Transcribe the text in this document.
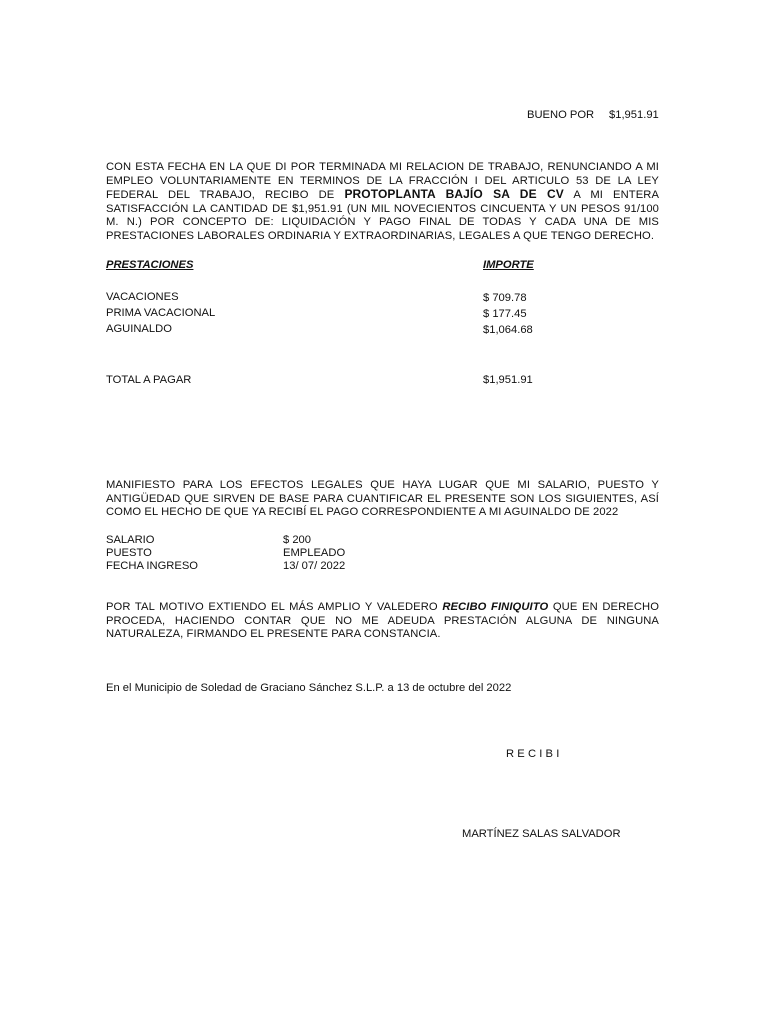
BUENO POR $1,951.91
CON ESTA FECHA EN LA QUE DI POR TERMINADA MI RELACION DE TRABAJO, RENUNCIANDO A MI EMPLEO VOLUNTARIAMENTE EN TERMINOS DE LA FRACCIÓN I DEL ARTICULO 53 DE LA LEY FEDERAL DEL TRABAJO, RECIBO DE PROTOPLANTA BAJÍO SA DE CV A MI ENTERA SATISFACCIÓN LA CANTIDAD DE $1,951.91 (UN MIL NOVECIENTOS CINCUENTA Y UN PESOS 91/100 M. N.) POR CONCEPTO DE: LIQUIDACIÓN Y PAGO FINAL DE TODAS Y CADA UNA DE MIS PRESTACIONES LABORALES ORDINARIA Y EXTRAORDINARIAS, LEGALES A QUE TENGO DERECHO.
PRESTACIONES	IMPORTE
VACACIONES	$ 709.78
PRIMA VACACIONAL	$ 177.45
AGUINALDO	$1,064.68
TOTAL A PAGAR	$1,951.91
MANIFIESTO PARA LOS EFECTOS LEGALES QUE HAYA LUGAR QUE MI SALARIO, PUESTO Y ANTIGÜEDAD QUE SIRVEN DE BASE PARA CUANTIFICAR EL PRESENTE SON LOS SIGUIENTES, ASÍ COMO EL HECHO DE QUE YA RECIBÍ EL PAGO CORRESPONDIENTE A MI AGUINALDO DE 2022
SALARIO	$ 200
PUESTO	EMPLEADO
FECHA INGRESO	13/ 07/ 2022
POR TAL MOTIVO EXTIENDO EL MÁS AMPLIO Y VALEDERO RECIBO FINIQUITO QUE EN DERECHO PROCEDA, HACIENDO CONTAR QUE NO ME ADEUDA PRESTACIÓN ALGUNA DE NINGUNA NATURALEZA, FIRMANDO EL PRESENTE PARA CONSTANCIA.
En el Municipio de Soledad de Graciano Sánchez S.L.P. a 13 de octubre del 2022
RECIBI
MARTÍNEZ SALAS SALVADOR
